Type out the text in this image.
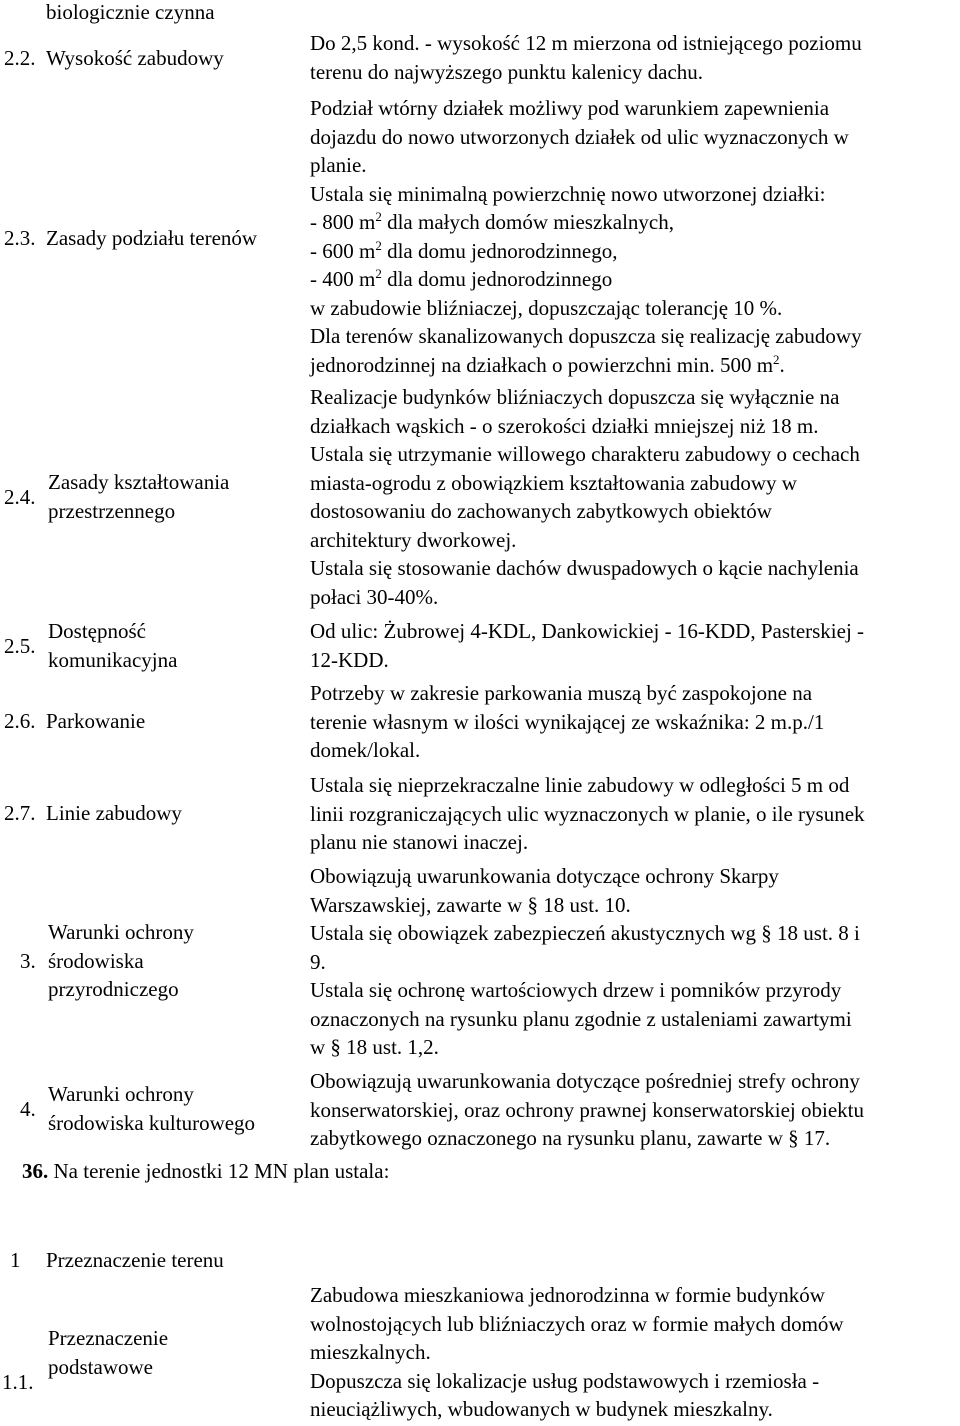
biologicznie czynna
2.2. Wysokość zabudowy
Do 2,5 kond. - wysokość 12 m mierzona od istniejącego poziomu
terenu do najwyższego punktu kalenicy dachu.
2.3. Zasady podziału terenów
Podział wtórny działek możliwy pod warunkiem zapewnienia
dojazdu do nowo utworzonych działek od ulic wyznaczonych w
planie.
Ustala się minimalną powierzchnię nowo utworzonej działki:
- 800 $m^2$ dla małych domów mieszkalnych,
- 600 $m^2$ dla domu jednorodzinnego,
- 400 $m^2$ dla domu jednorodzinnego
w zabudowie bliźniaczej, dopuszczając tolerancję 10 %.
Dla terenów skanalizowanych dopuszcza się realizację zabudowy
jednorodzinnej na działkach o powierzchni min. 500 $m^2$.
2.4.
Zasady kształtowania
przestrzennego
Realizacje budynków bliźniaczych dopuszcza się wyłącznie na
działkach wąskich - o szerokości działki mniejszej niż 18 m.
Ustala się utrzymanie willowego charakteru zabudowy o cechach
miasta-ogrodu z obowiązkiem kształtowania zabudowy w
dostosowaniu do zachowanych zabytkowych obiektów
architektury dworkowej.
Ustala się stosowanie dachów dwuspadowych o kącie nachylenia
połaci 30-40%.
2.5.
Dostępność
komunikacyjna
Od ulic: Żubrowej 4-KDL, Dankowickiej - 16-KDD, Pasterskiej -
12-KDD.
2.6. Parkowanie
Potrzeby w zakresie parkowania muszą być zaspokojone na
terenie własnym w ilości wynikającej ze wskaźnika: 2 m.p./1
domek/lokal.
2.7. Linie zabudowy
Ustala się nieprzekraczalne linie zabudowy w odległości 5 m od
linii rozgraniczających ulic wyznaczonych w planie, o ile rysunek
planu nie stanowi inaczej.
3.
Warunki ochrony
środowiska
przyrodniczego
Obowiązują uwarunkowania dotyczące ochrony Skarpy
Warszawskiej, zawarte w § 18 ust. 10.
Ustala się obowiązek zabezpieczeń akustycznych wg § 18 ust. 8 i
9.
Ustala się ochronę wartościowych drzew i pomników przyrody
oznaczonych na rysunku planu zgodnie z ustaleniami zawartymi
w § 18 ust. 1,2.
4.
Warunki ochrony
środowiska kulturowego
Obowiązują uwarunkowania dotyczące pośredniej strefy ochrony
konserwatorskiej, oraz ochrony prawnej konserwatorskiej obiektu
zabytkowego oznaczonego na rysunku planu, zawarte w § 17.
36. Na terenie jednostki 12 MN plan ustala:
1 Przeznaczenie terenu
1.1.
Przeznaczenie
podstawowe
Zabudowa mieszkaniowa jednorodzinna w formie budynków
wolnostojących lub bliźniaczych oraz w formie małych domów
mieszkalnych.
Dopuszcza się lokalizacje usług podstawowych i rzemiosła -
nieuciążliwych, wbudowanych w budynek mieszkalny.
